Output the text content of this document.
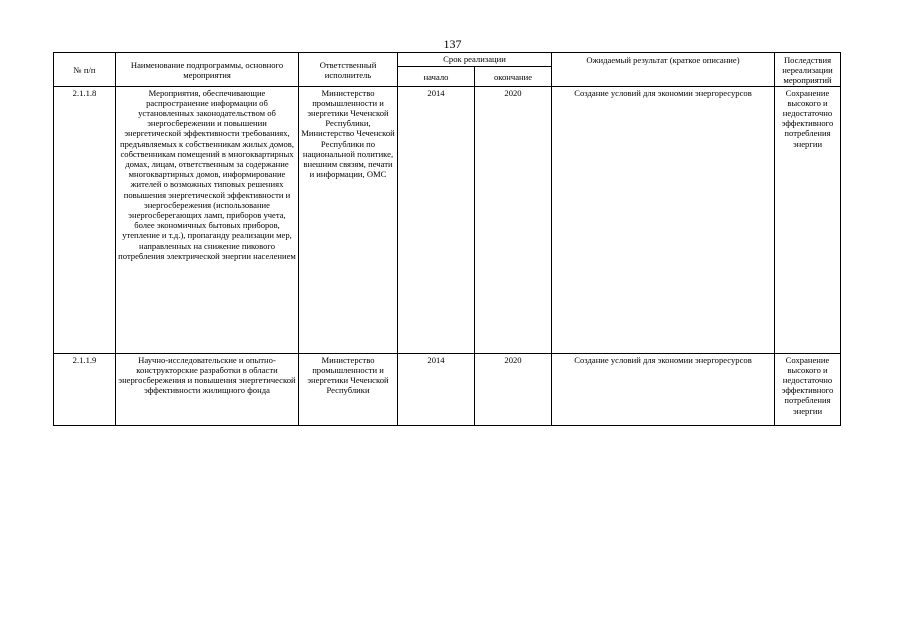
137
№ п/п	Наименование подпрограммы, основного мероприятия	Ответственный исполнитель	Срок реализации		Ожидаемый результат (краткое описание)	Последствия нереализации мероприятий
			начало	окончание		
2.1.1.8	Мероприятия, обеспечивающие распространение информации об установленных законодательством об энергосбережении и повышении энергетической эффективности требованиях, предъявляемых к собственникам жилых домов, собственникам помещений в многоквартирных домах, лицам, ответственным за содержание многоквартирных домов, информирование жителей о возможных типовых решениях повышения энергетической эффективности и энергосбережения (использование энергосберегающих ламп, приборов учета, более экономичных бытовых приборов, утепление и т.д.), пропаганду реализации мер, направленных на снижение пикового потребления электрической энергии населением	Министерство промышленности и энергетики Чеченской Республики, Министерство Чеченской Республики по национальной политике, внешним связям, печати и информации, ОМС	2014	2020	Создание условий для экономии энергоресурсов	Сохранение высокого и недостаточно эффективного потребления энергии
2.1.1.9	Научно-исследовательские и опытно-конструкторские разработки в области энергосбережения и повышения энергетической эффективности жилищного фонда	Министерство промышленности и энергетики Чеченской Республики	2014	2020	Создание условий для экономии энергоресурсов	Сохранение высокого и недостаточно эффективного потребления энергии
